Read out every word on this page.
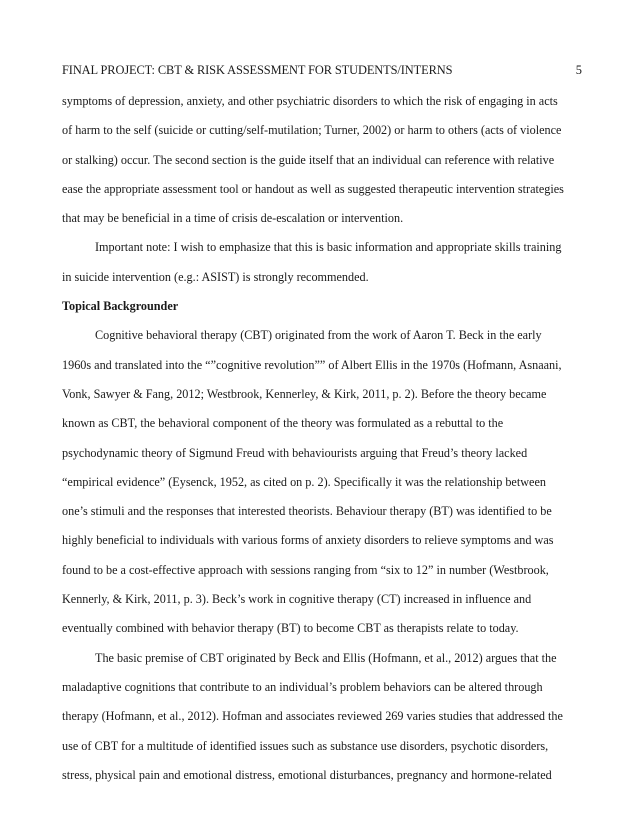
FINAL PROJECT: CBT & RISK ASSESSMENT FOR STUDENTS/INTERNS	5
symptoms of depression, anxiety, and other psychiatric disorders to which the risk of engaging in acts
of harm to the self (suicide or cutting/self-mutilation; Turner, 2002) or harm to others (acts of violence
or stalking) occur. The second section is the guide itself that an individual can reference with relative
ease the appropriate assessment tool or handout as well as suggested therapeutic intervention strategies
that may be beneficial in a time of crisis de-escalation or intervention.
Important note: I wish to emphasize that this is basic information and appropriate skills training
in suicide intervention (e.g.: ASIST) is strongly recommended.
Topical Backgrounder
Cognitive behavioral therapy (CBT) originated from the work of Aaron T. Beck in the early
1960s and translated into the “”cognitive revolution”” of Albert Ellis in the 1970s (Hofmann, Asnaani,
Vonk, Sawyer & Fang, 2012; Westbrook, Kennerley, & Kirk, 2011, p. 2). Before the theory became
known as CBT, the behavioral component of the theory was formulated as a rebuttal to the
psychodynamic theory of Sigmund Freud with behaviourists arguing that Freud’s theory lacked
“empirical evidence” (Eysenck, 1952, as cited on p. 2). Specifically it was the relationship between
one’s stimuli and the responses that interested theorists. Behaviour therapy (BT) was identified to be
highly beneficial to individuals with various forms of anxiety disorders to relieve symptoms and was
found to be a cost-effective approach with sessions ranging from “six to 12” in number (Westbrook,
Kennerly, & Kirk, 2011, p. 3). Beck’s work in cognitive therapy (CT) increased in influence and
eventually combined with behavior therapy (BT) to become CBT as therapists relate to today.
The basic premise of CBT originated by Beck and Ellis (Hofmann, et al., 2012) argues that the
maladaptive cognitions that contribute to an individual’s problem behaviors can be altered through
therapy (Hofmann, et al., 2012). Hofman and associates reviewed 269 varies studies that addressed the
use of CBT for a multitude of identified issues such as substance use disorders, psychotic disorders,
stress, physical pain and emotional distress, emotional disturbances, pregnancy and hormone-related
